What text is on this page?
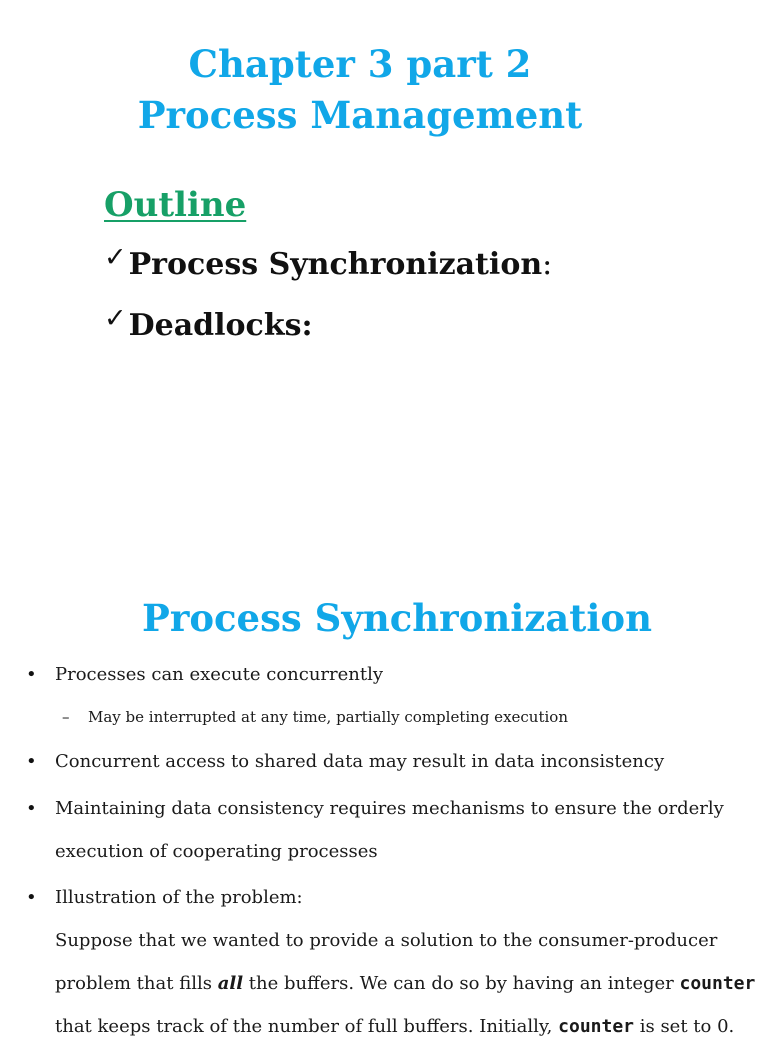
Chapter 3 part 2
Process Management
Outline
✓Process Synchronization:
✓Deadlocks:
Process Synchronization
• Processes can execute concurrently
– May be interrupted at any time, partially completing execution
• Concurrent access to shared data may result in data inconsistency
• Maintaining data consistency requires mechanisms to ensure the orderly
execution of cooperating processes
• Illustration of the problem:
Suppose that we wanted to provide a solution to the consumer-producer
problem that fills all the buffers. We can do so by having an integer counter
that keeps track of the number of full buffers. Initially, counter is set to 0.
